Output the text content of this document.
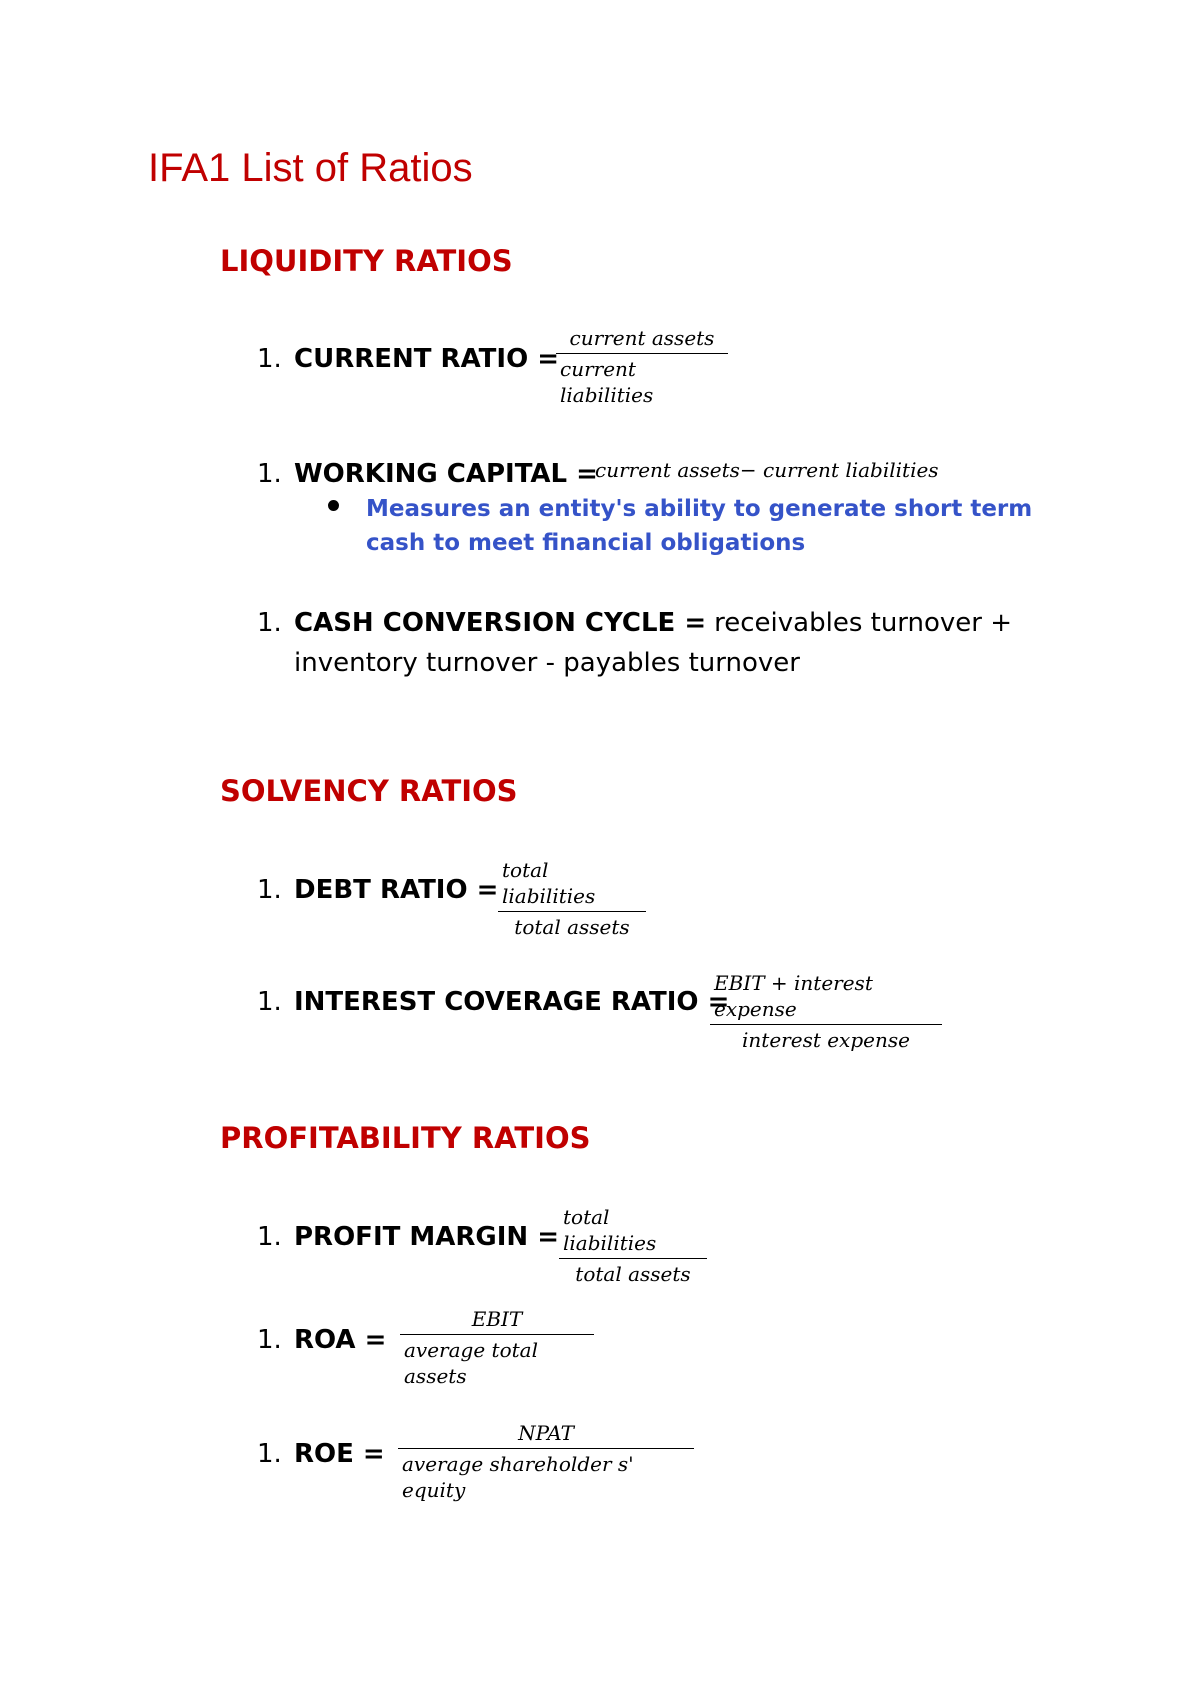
IFA1 List of Ratios
LIQUIDITY RATIOS
1. CURRENT RATIO =
current assets
current liabilities
1. WORKING CAPITAL =
current assets− current liabilities
Measures an entity's ability to generate short term cash to meet financial obligations
1. CASH CONVERSION CYCLE = receivables turnover +
inventory turnover - payables turnover
SOLVENCY RATIOS
1. DEBT RATIO =
total liabilities
total assets
1. INTEREST COVERAGE RATIO =
EBIT + interest expense
interest expense
PROFITABILITY RATIOS
1. PROFIT MARGIN =
total liabilities
total assets
1. ROA =
EBIT
average total assets
1. ROE =
NPAT
average shareholder s' equity
